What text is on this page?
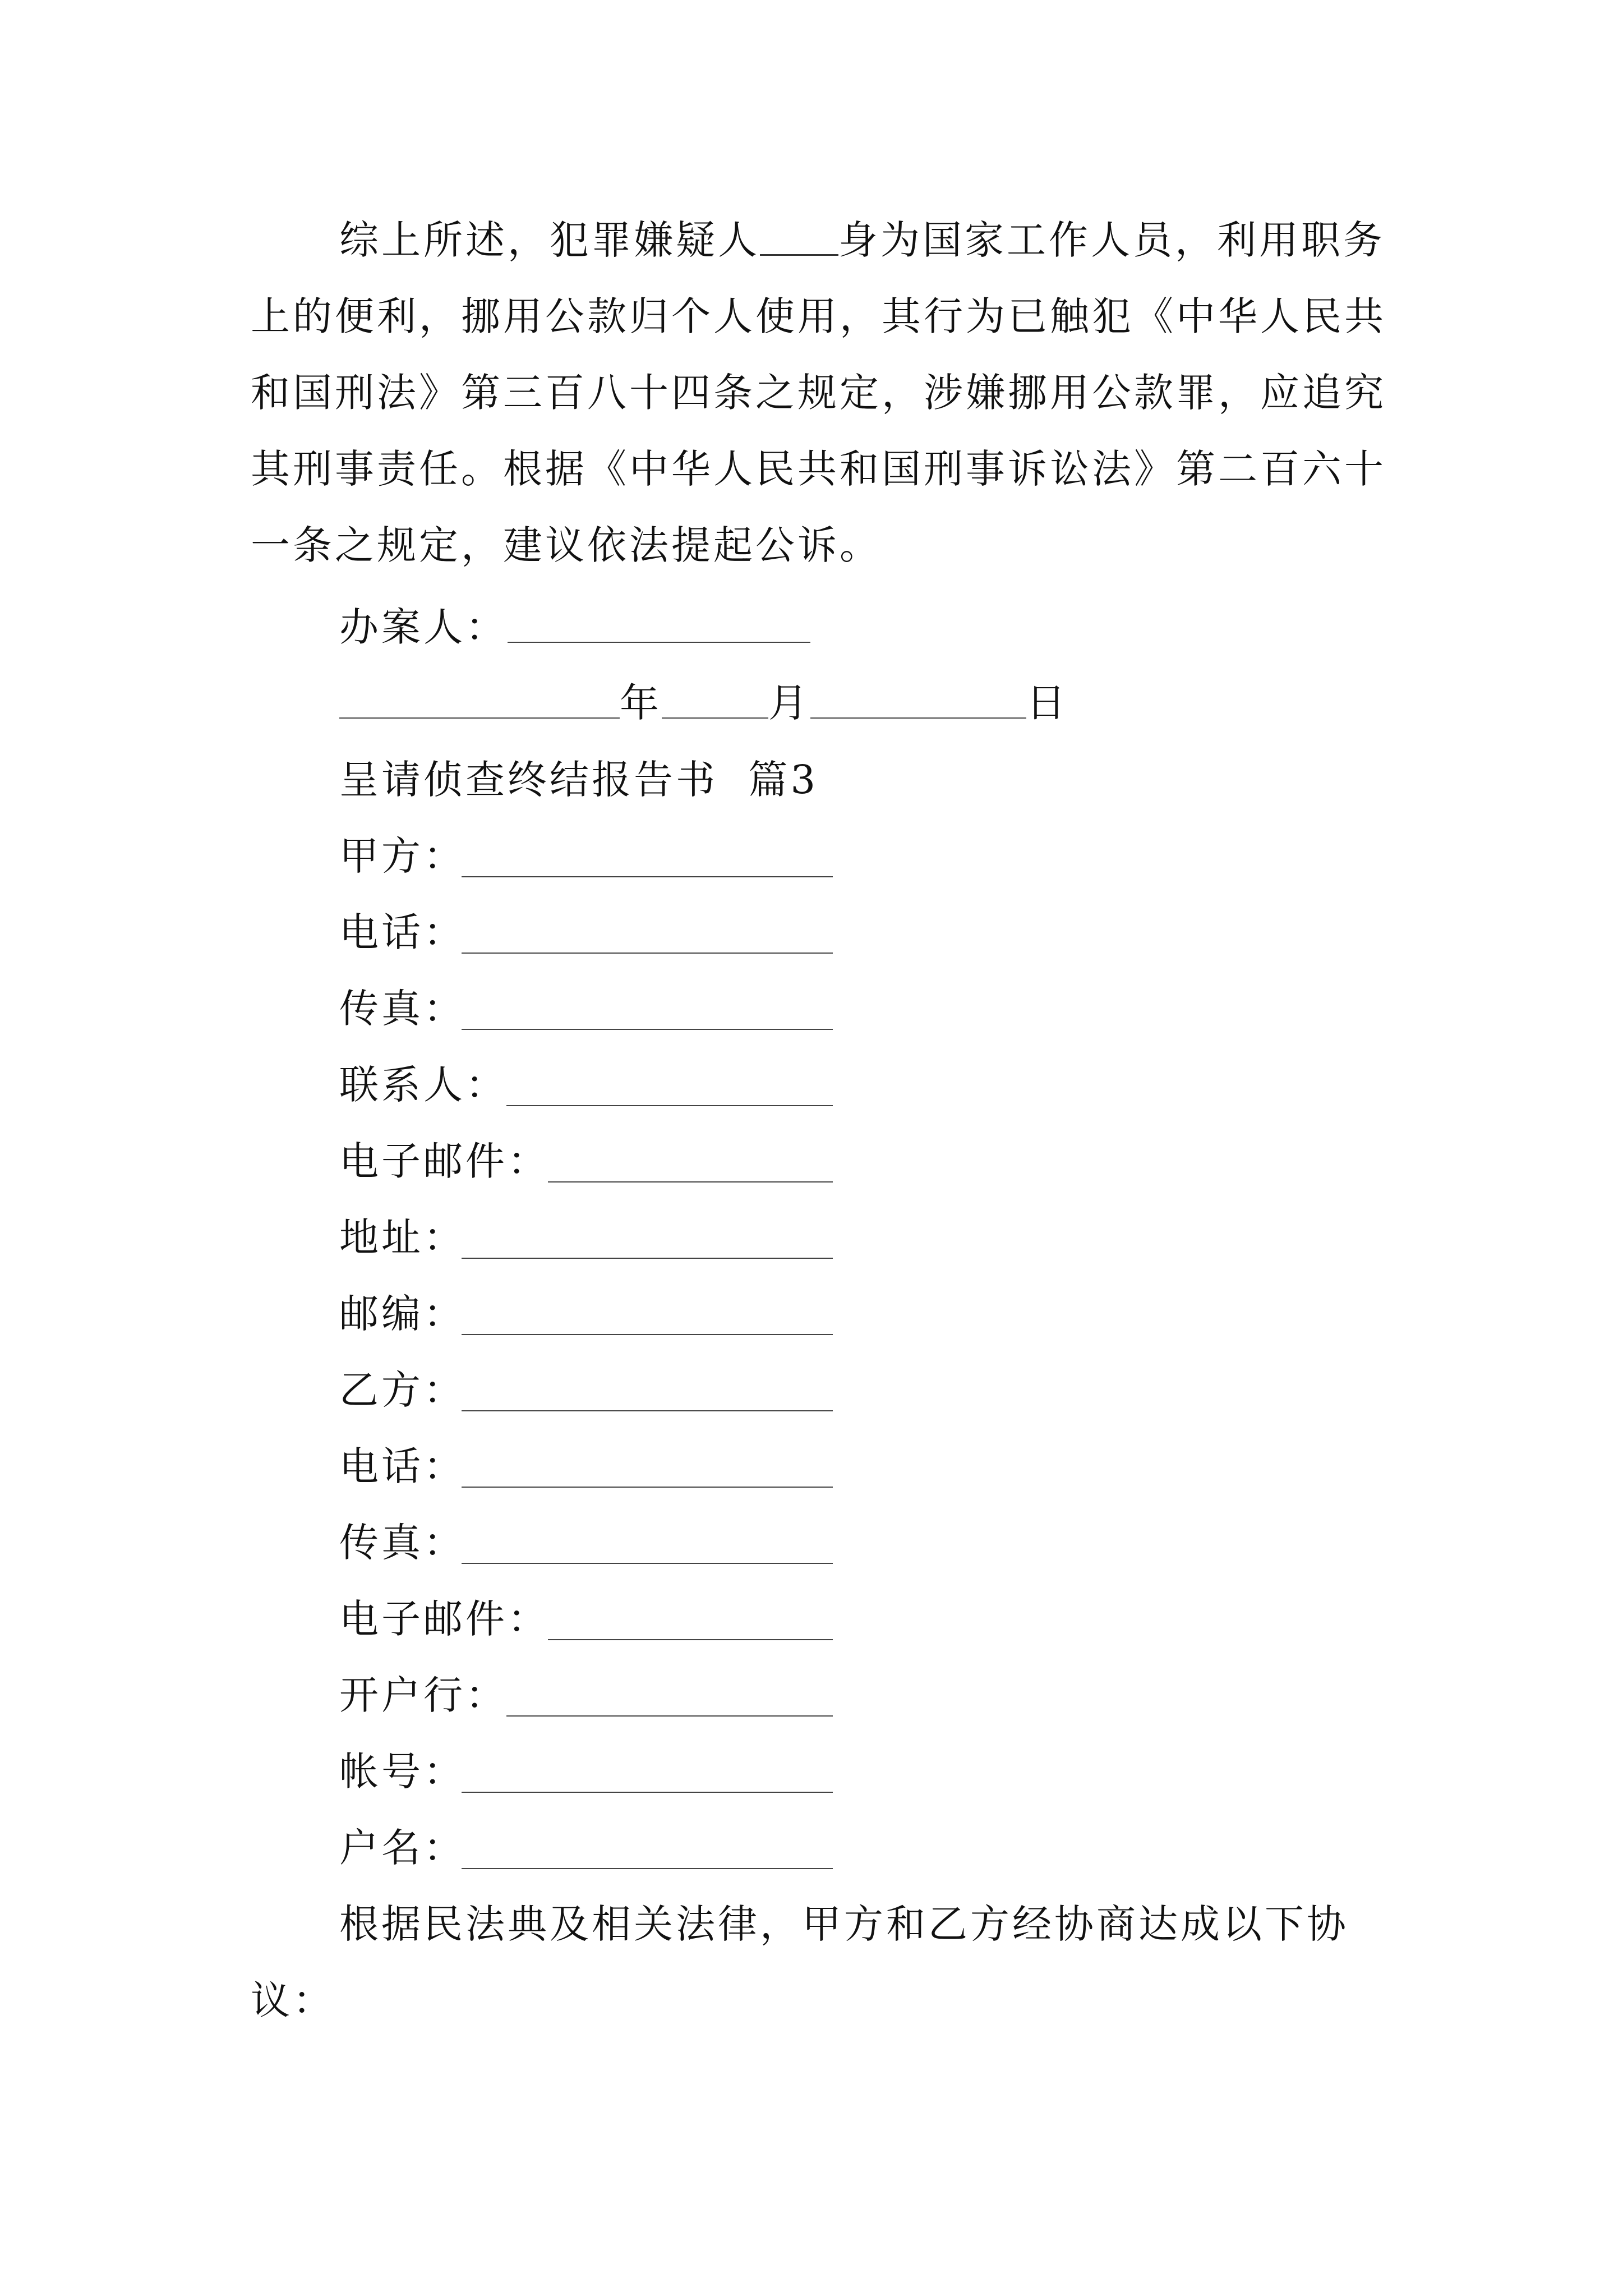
综上所述，犯罪嫌疑人 身为国家工作人员，利用职务上的便利，挪用公款归个人使用，其行为已触犯《中华人民共和国刑法》第三百八十四条之规定，涉嫌挪用公款罪，应追究其刑事责任。根据《中华人民共和国刑事诉讼法》第二百六十一条之规定，建议依法提起公诉。

办案人：
年	月	日
呈请侦查终结报告书  篇3
甲方：
电话：
传真：
联系人：
电子邮件：
地址：
邮编：
乙方：
电话：
传真：
电子邮件：
开户行：
帐号：
户名：

根据民法典及相关法律，甲方和乙方经协商达成以下协议：
